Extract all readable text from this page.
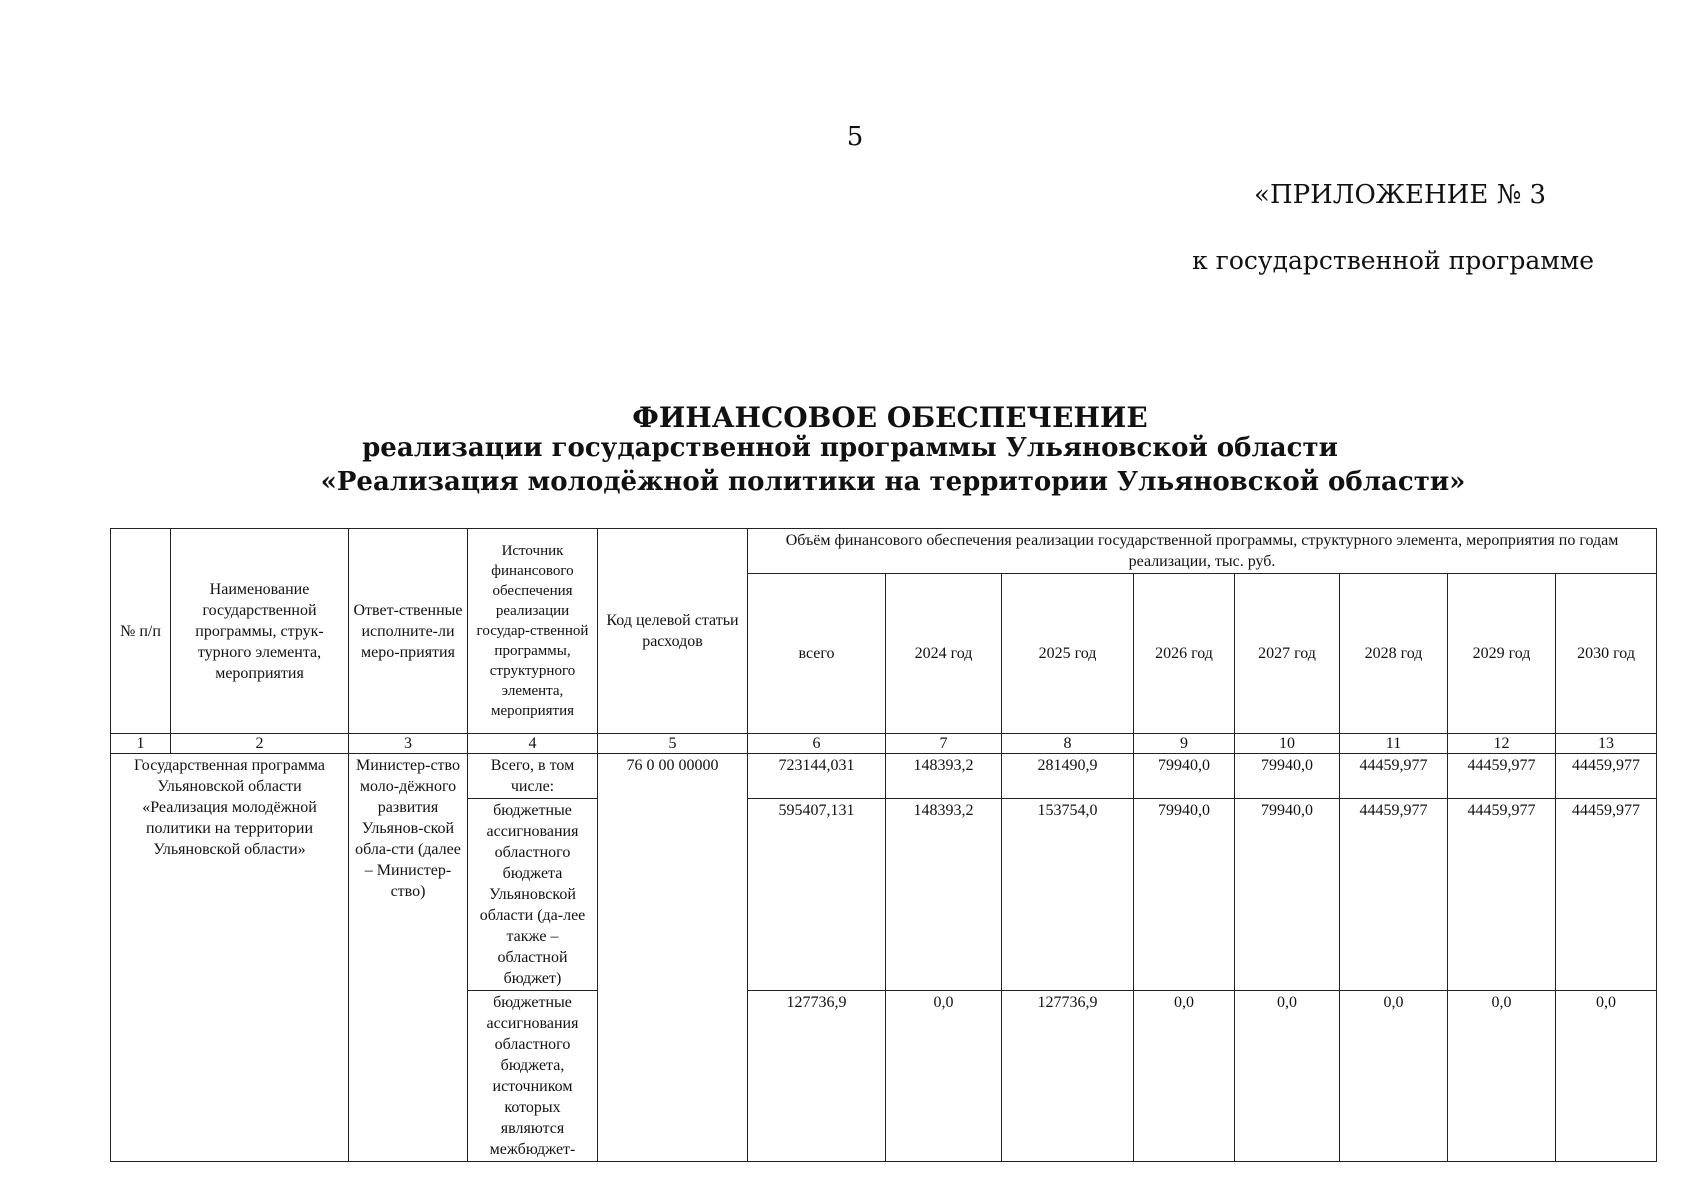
5
«ПРИЛОЖЕНИЕ № 3
к государственной программе
ФИНАНСОВОЕ ОБЕСПЕЧЕНИЕ
реализации государственной программы Ульяновской области
«Реализация молодёжной политики на территории Ульяновской области»
№ п/п	Наименование государственной программы, струк-турного элемента, мероприятия	Ответ-ственные исполните-ли меро-приятия	Источник финансового обеспечения реализации государ-ственной программы, структурного элемента, мероприятия	Код целевой статьи расходов	Объём финансового обеспечения реализации государственной программы, структурного элемента, мероприятия по годам реализации, тыс. руб.							
					всего	2024 год	2025 год	2026 год	2027 год	2028 год	2029 год	2030 год
1	2	3	4	5	6	7	8	9	10	11	12	13
Государственная программа Ульяновской области «Реализация молодёжной политики на территории Ульяновской области»		Министер-ство моло-дёжного развития Ульянов-ской обла-сти (далее – Министер-ство)	Всего, в том числе:	76 0 00 00000	723144,031	148393,2	281490,9	79940,0	79940,0	44459,977	44459,977	44459,977
			бюджетные ассигнования областного бюджета Ульяновской области (да-лее также – областной бюджет)		595407,131	148393,2	153754,0	79940,0	79940,0	44459,977	44459,977	44459,977
			бюджетные ассигнования областного бюджета, источником которых являются межбюджет-		127736,9	0,0	127736,9	0,0	0,0	0,0	0,0	0,0
